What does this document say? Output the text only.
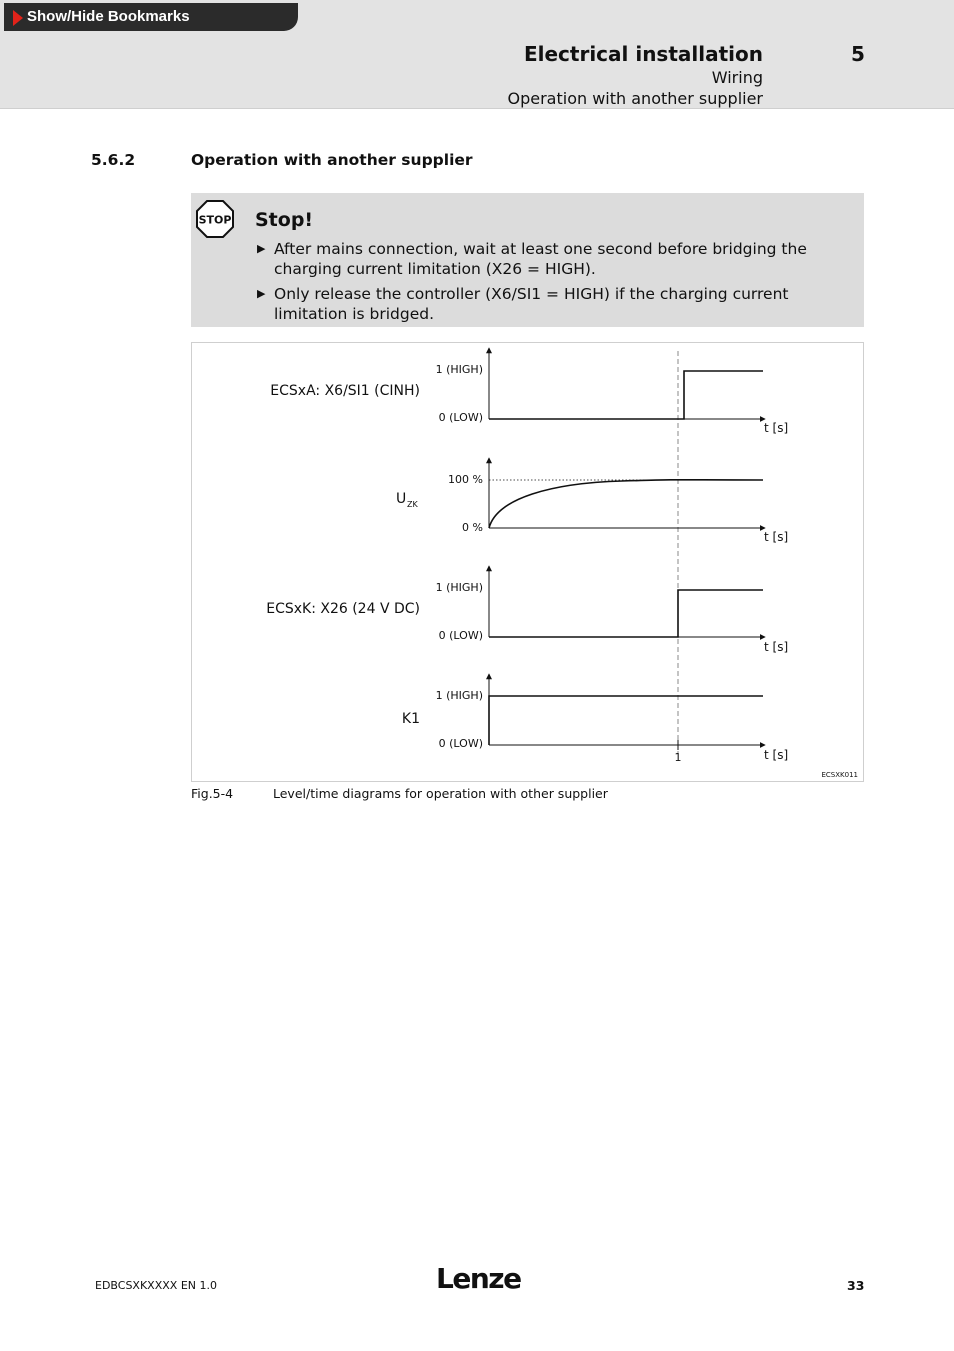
Show/Hide Bookmarks
Electrical installation	5
Wiring
Operation with another supplier
5.6.2	Operation with another supplier
STOP Stop!
▶ After mains connection, wait at least one second before bridging the charging current limitation (X26 = HIGH).
▶ Only release the controller (X6/SI1 = HIGH) if the charging current limitation is bridged.
ECSxA: X6/SI1 (CINH)
1 (HIGH)
0 (LOW)
t [s]
U ZK
100 %
0 %
t [s]
ECSxK: X26 (24 V DC)
1 (HIGH)
0 (LOW)
t [s]
K1
1 (HIGH)
0 (LOW)
t [s]
1
ECSXK011
Fig.5-4	Level/time diagrams for operation with other supplier
EDBCSXKXXXX EN 1.0	Lenze	33
